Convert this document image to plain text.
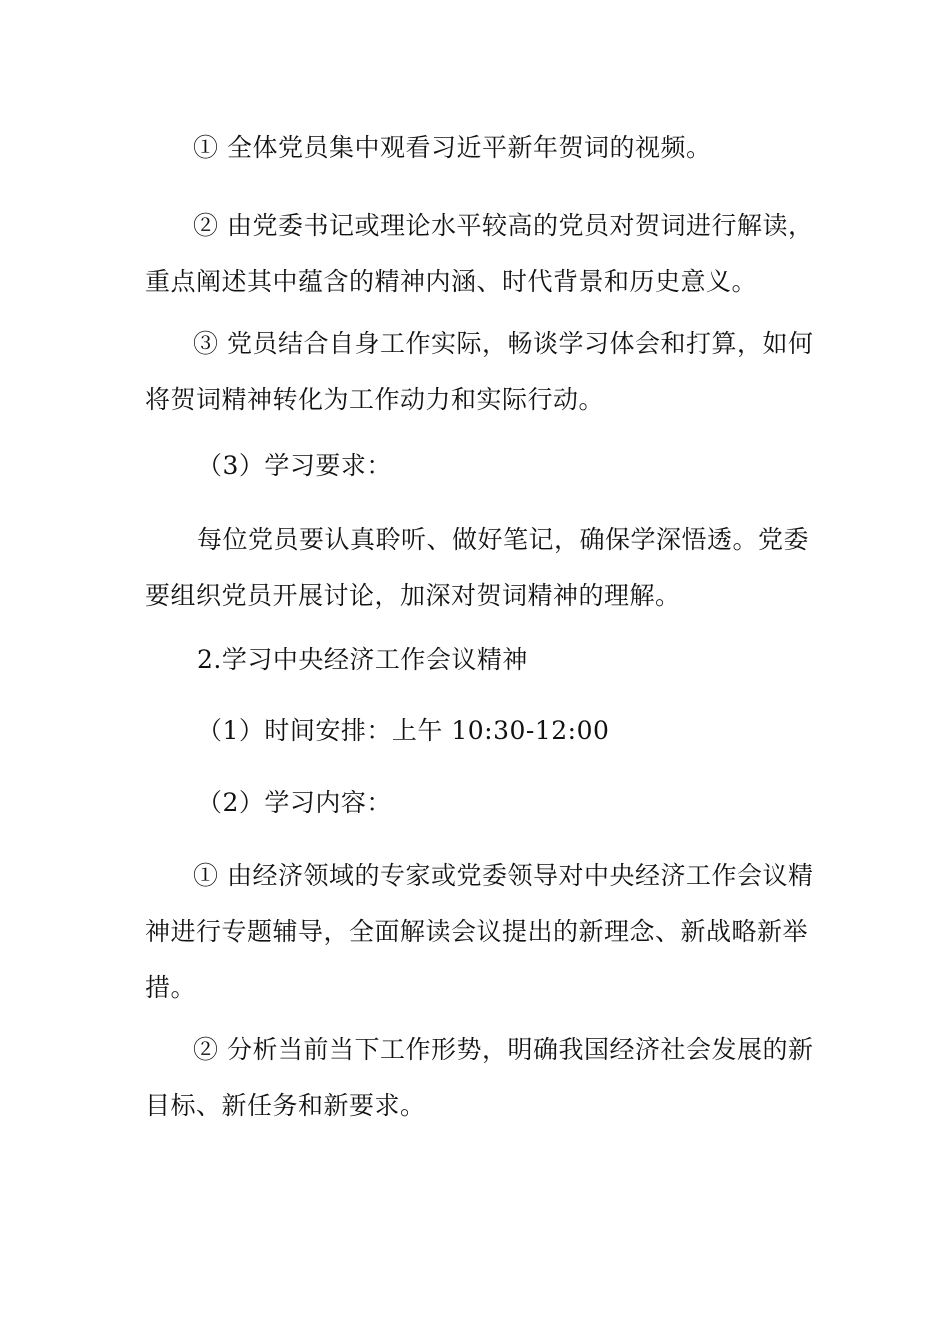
① 全体党员集中观看习近平新年贺词的视频。

② 由党委书记或理论水平较高的党员对贺词进行解读，重点阐述其中蕴含的精神内涵、时代背景和历史意义。

③ 党员结合自身工作实际，畅谈学习体会和打算，如何将贺词精神转化为工作动力和实际行动。

（3）学习要求：

每位党员要认真聆听、做好笔记，确保学深悟透。党委要组织党员开展讨论，加深对贺词精神的理解。

2.学习中央经济工作会议精神

（1）时间安排：上午 10:30-12:00

（2）学习内容：

① 由经济领域的专家或党委领导对中央经济工作会议精神进行专题辅导，全面解读会议提出的新理念、新战略新举措。

② 分析当前当下工作形势，明确我国经济社会发展的新目标、新任务和新要求。
